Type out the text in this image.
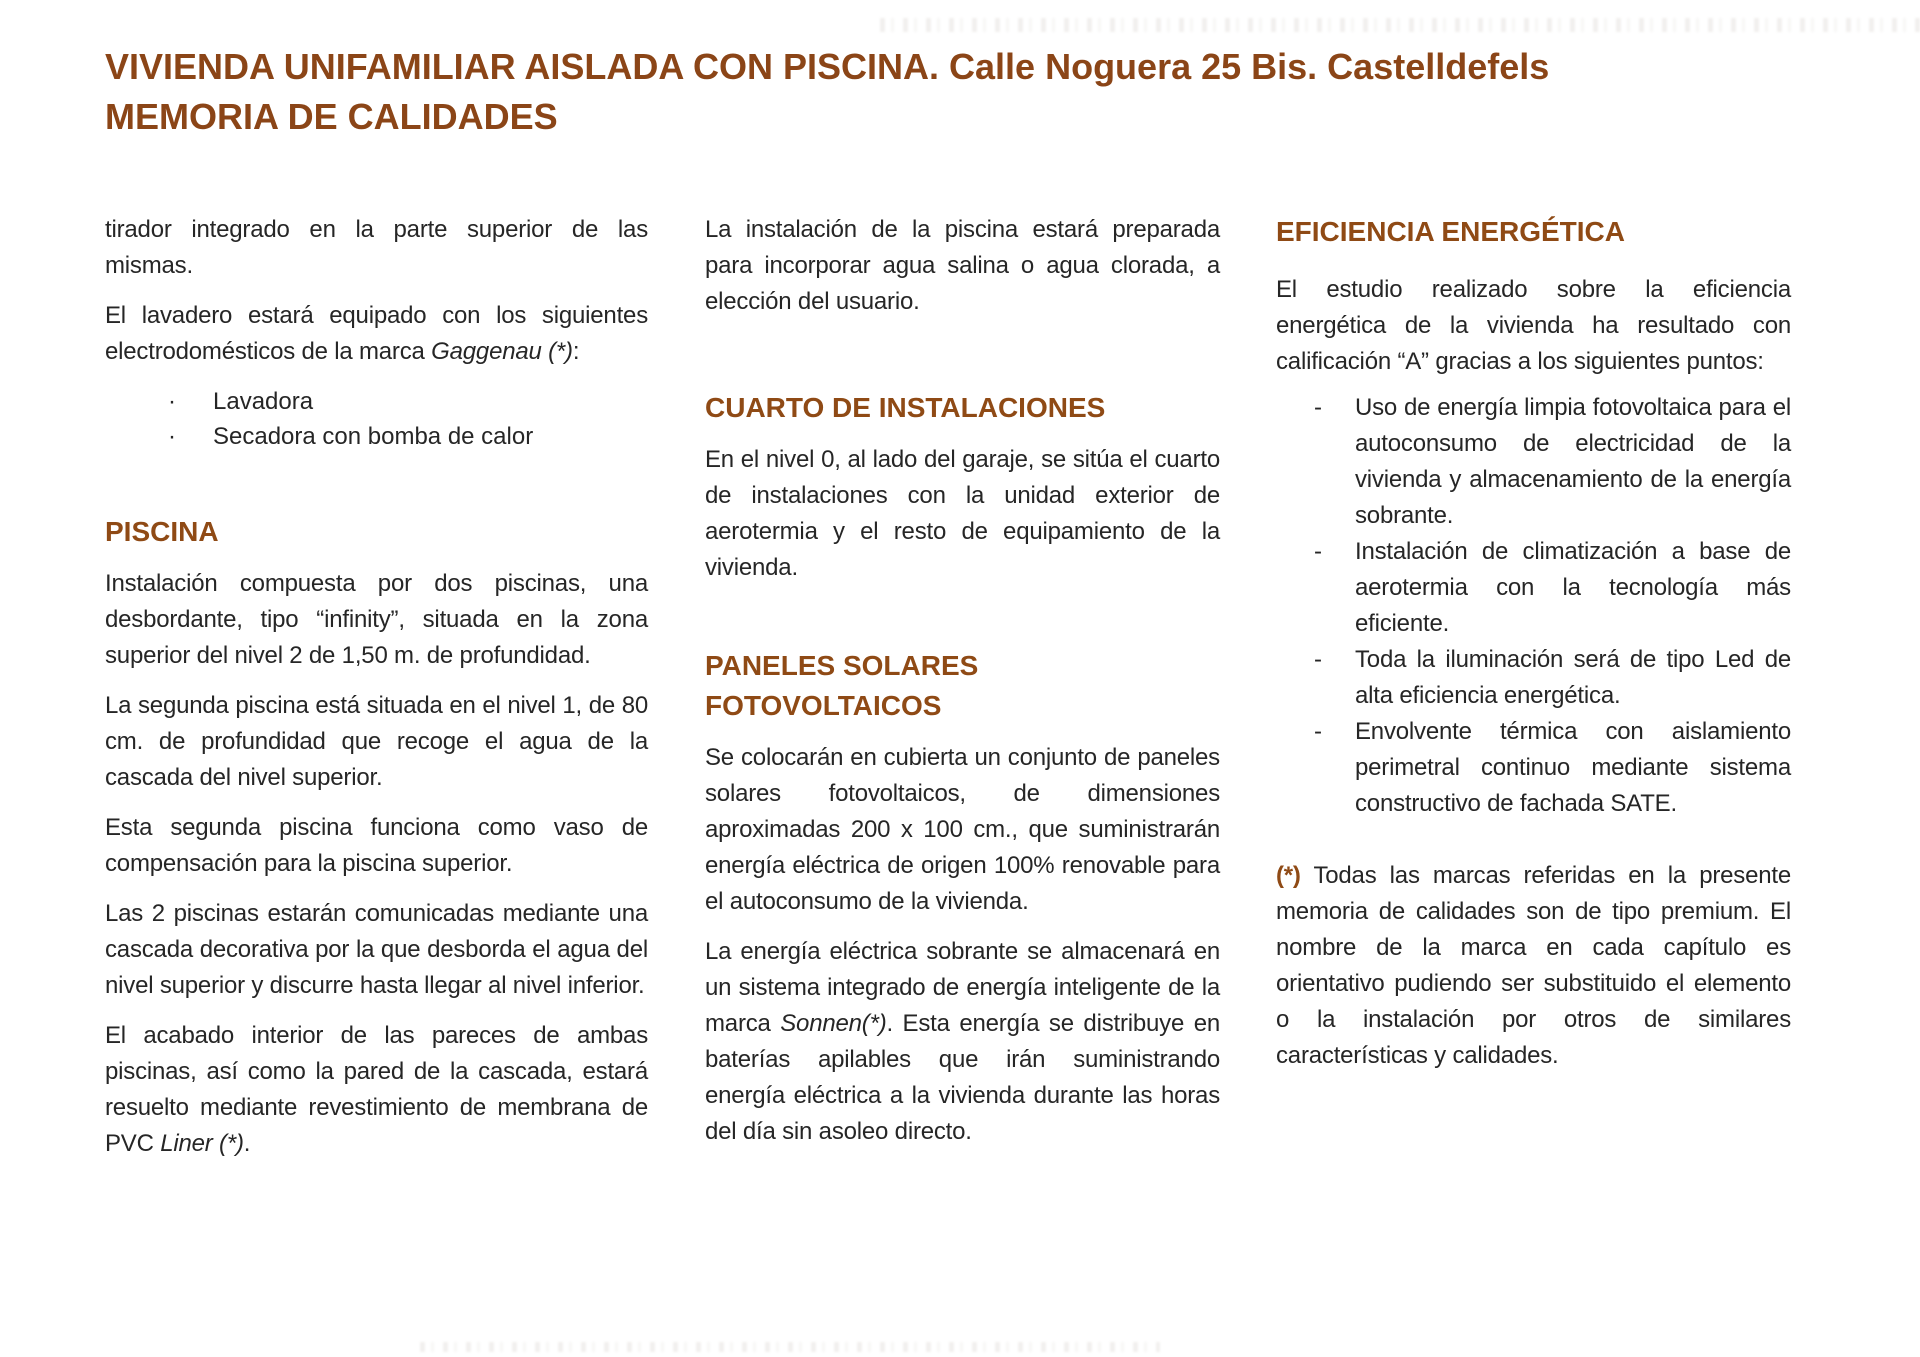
VIVIENDA UNIFAMILIAR AISLADA CON PISCINA. Calle Noguera 25 Bis. Castelldefels
MEMORIA DE CALIDADES

tirador integrado en la parte superior de las mismas.

El lavadero estará equipado con los siguientes electrodomésticos de la marca Gaggenau (*):

· Lavadora
· Secadora con bomba de calor
PISCINA

Instalación compuesta por dos piscinas, una desbordante, tipo “infinity”, situada en la zona superior del nivel 2 de 1,50 m. de profundidad.

La segunda piscina está situada en el nivel 1, de 80 cm. de profundidad que recoge el agua de la cascada del nivel superior.

Esta segunda piscina funciona como vaso de compensación para la piscina superior.

Las 2 piscinas estarán comunicadas mediante una cascada decorativa por la que desborda el agua del nivel superior y discurre hasta llegar al nivel inferior.

El acabado interior de las pareces de ambas piscinas, así como la pared de la cascada, estará resuelto mediante revestimiento de membrana de PVC Liner (*).

La instalación de la piscina estará preparada para incorporar agua salina o agua clorada, a elección del usuario.

CUARTO DE INSTALACIONES

En el nivel 0, al lado del garaje, se sitúa el cuarto de instalaciones con la unidad exterior de aerotermia y el resto de equipamiento de la vivienda.

PANELES SOLARES FOTOVOLTAICOS

Se colocarán en cubierta un conjunto de paneles solares fotovoltaicos, de dimensiones aproximadas 200 x 100 cm., que suministrarán energía eléctrica de origen 100% renovable para el autoconsumo de la vivienda.

La energía eléctrica sobrante se almacenará en un sistema integrado de energía inteligente de la marca Sonnen(*). Esta energía se distribuye en baterías apilables que irán suministrando energía eléctrica a la vivienda durante las horas del día sin asoleo directo.

EFICIENCIA ENERGÉTICA

El estudio realizado sobre la eficiencia energética de la vivienda ha resultado con calificación “A” gracias a los siguientes puntos:

- Uso de energía limpia fotovoltaica para el autoconsumo de electricidad de la vivienda y almacenamiento de la energía sobrante.
- Instalación de climatización a base de aerotermia con la tecnología más eficiente.
- Toda la iluminación será de tipo Led de alta eficiencia energética.
- Envolvente térmica con aislamiento perimetral continuo mediante sistema constructivo de fachada SATE.

(*) Todas las marcas referidas en la presente memoria de calidades son de tipo premium. El nombre de la marca en cada capítulo es orientativo pudiendo ser substituido el elemento o la instalación por otros de similares características y calidades.
